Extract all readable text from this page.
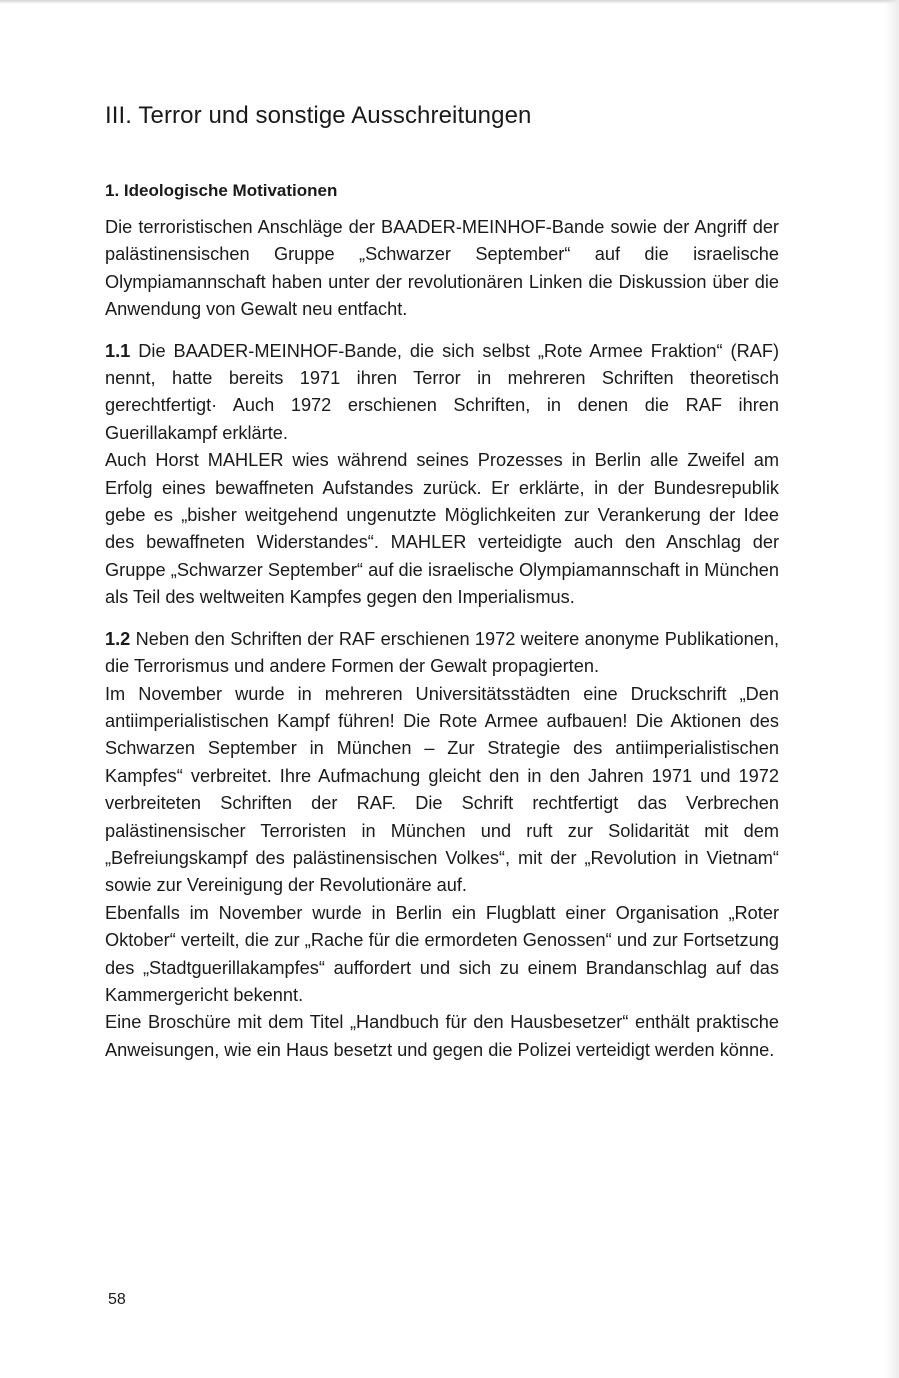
III. Terror und sonstige Ausschreitungen
1. Ideologische Motivationen

Die terroristischen Anschläge der BAADER-MEINHOF-Bande sowie der Angriff der palästinensischen Gruppe „Schwarzer September“ auf die israelische Olympiamannschaft haben unter der revolutionären Linken die Diskussion über die Anwendung von Gewalt neu entfacht.

1.1 Die BAADER-MEINHOF-Bande, die sich selbst „Rote Armee Fraktion“ (RAF) nennt, hatte bereits 1971 ihren Terror in mehreren Schriften theoretisch gerechtfertigt· Auch 1972 erschienen Schriften, in denen die RAF ihren Guerillakampf erklärte.

Auch Horst MAHLER wies während seines Prozesses in Berlin alle Zweifel am Erfolg eines bewaffneten Aufstandes zurück. Er erklärte, in der Bundesrepublik gebe es „bisher weitgehend ungenutzte Möglichkeiten zur Verankerung der Idee des bewaffneten Widerstandes“. MAHLER verteidigte auch den Anschlag der Gruppe „Schwarzer September“ auf die israelische Olympiamannschaft in München als Teil des weltweiten Kampfes gegen den Imperialismus.

1.2 Neben den Schriften der RAF erschienen 1972 weitere anonyme Publikationen, die Terrorismus und andere Formen der Gewalt propagierten.

Im November wurde in mehreren Universitätsstädten eine Druckschrift „Den antiimperialistischen Kampf führen! Die Rote Armee aufbauen! Die Aktionen des Schwarzen September in München – Zur Strategie des antiimperialistischen Kampfes“ verbreitet. Ihre Aufmachung gleicht den in den Jahren 1971 und 1972 verbreiteten Schriften der RAF. Die Schrift rechtfertigt das Verbrechen palästinensischer Terroristen in München und ruft zur Solidarität mit dem „Befreiungskampf des palästinensischen Volkes“, mit der „Revolution in Vietnam“ sowie zur Vereinigung der Revolutionäre auf.

Ebenfalls im November wurde in Berlin ein Flugblatt einer Organisation „Roter Oktober“ verteilt, die zur „Rache für die ermordeten Genossen“ und zur Fortsetzung des „Stadtguerillakampfes“ auffordert und sich zu einem Brandanschlag auf das Kammergericht bekennt.

Eine Broschüre mit dem Titel „Handbuch für den Hausbesetzer“ enthält praktische Anweisungen, wie ein Haus besetzt und gegen die Polizei verteidigt werden könne.

58
